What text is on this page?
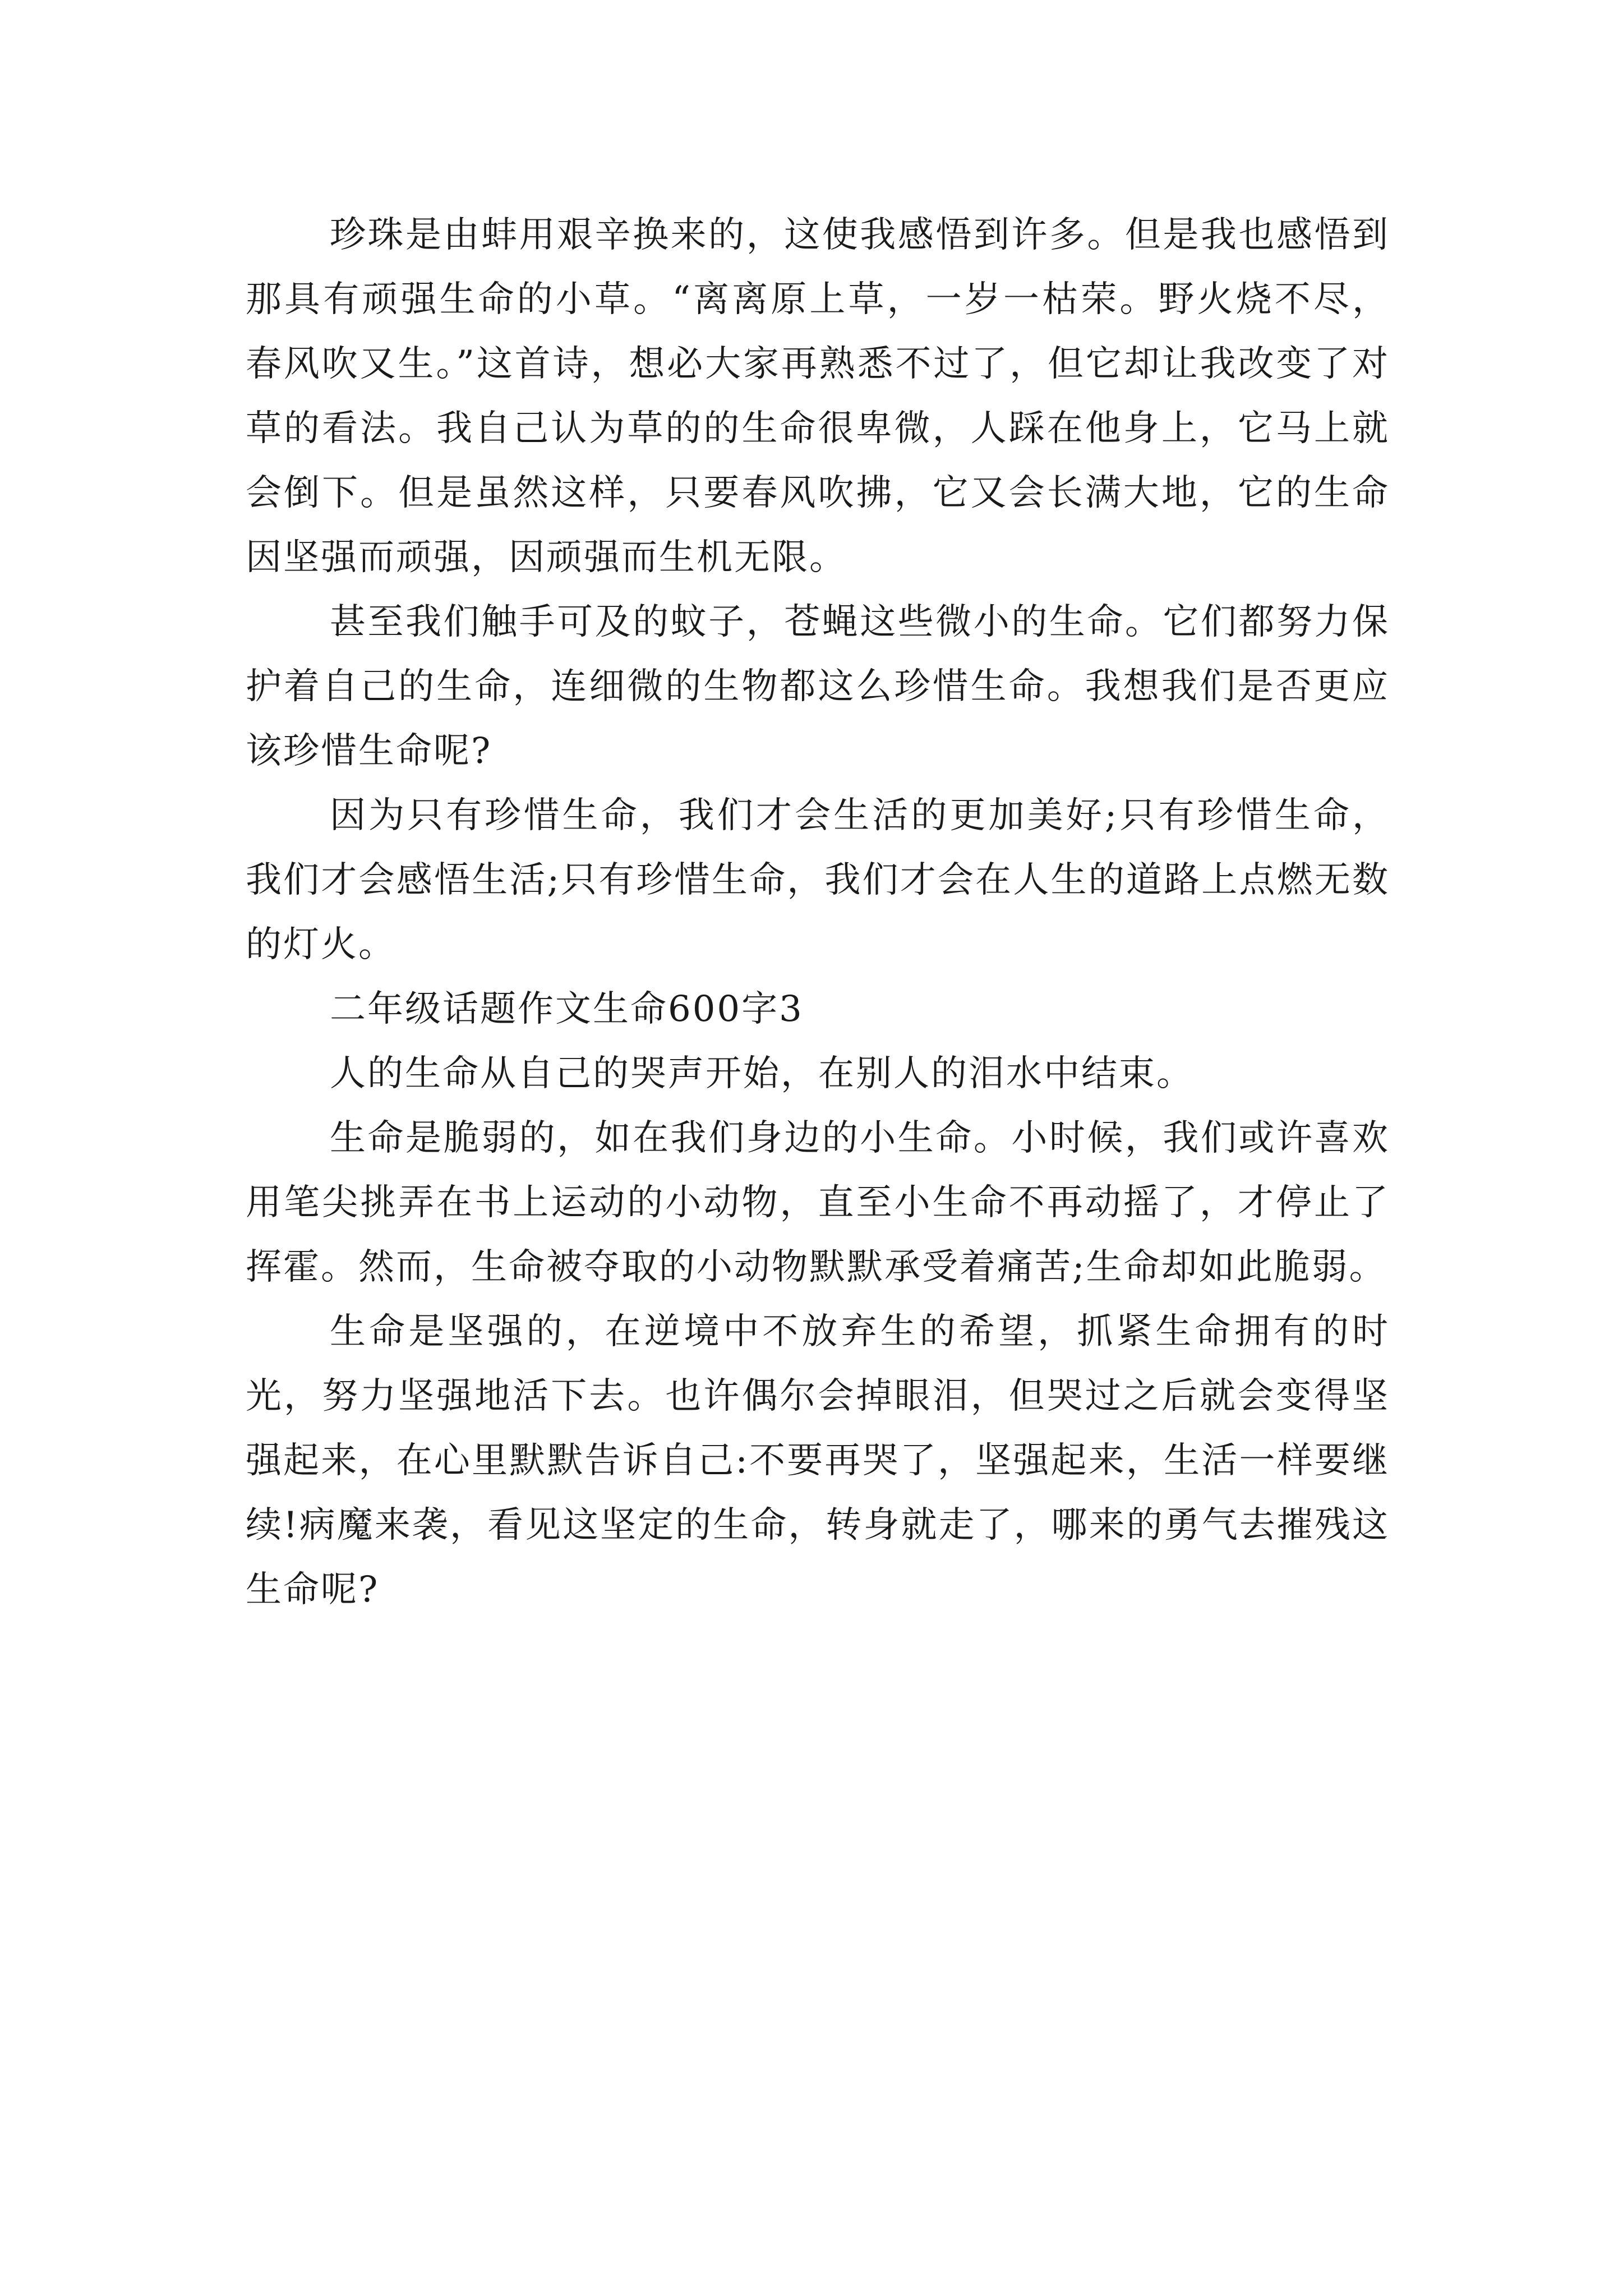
珍珠是由蚌用艰辛换来的，这使我感悟到许多。但是我也感悟到那具有顽强生命的小草。“离离原上草，一岁一枯荣。野火烧不尽，春风吹又生。”这首诗，想必大家再熟悉不过了，但它却让我改变了对草的看法。我自己认为草的的生命很卑微，人踩在他身上，它马上就会倒下。但是虽然这样，只要春风吹拂，它又会长满大地，它的生命因坚强而顽强，因顽强而生机无限。

甚至我们触手可及的蚊子，苍蝇这些微小的生命。它们都努力保护着自己的生命，连细微的生物都这么珍惜生命。我想我们是否更应该珍惜生命呢?

因为只有珍惜生命，我们才会生活的更加美好;只有珍惜生命，我们才会感悟生活;只有珍惜生命，我们才会在人生的道路上点燃无数的灯火。

二年级话题作文生命600字3

人的生命从自己的哭声开始，在别人的泪水中结束。

生命是脆弱的，如在我们身边的小生命。小时候，我们或许喜欢用笔尖挑弄在书上运动的小动物，直至小生命不再动摇了，才停止了挥霍。然而，生命被夺取的小动物默默承受着痛苦;生命却如此脆弱。

生命是坚强的，在逆境中不放弃生的希望，抓紧生命拥有的时光，努力坚强地活下去。也许偶尔会掉眼泪，但哭过之后就会变得坚强起来，在心里默默告诉自己:不要再哭了，坚强起来，生活一样要继续!病魔来袭，看见这坚定的生命，转身就走了，哪来的勇气去摧残这生命呢?
